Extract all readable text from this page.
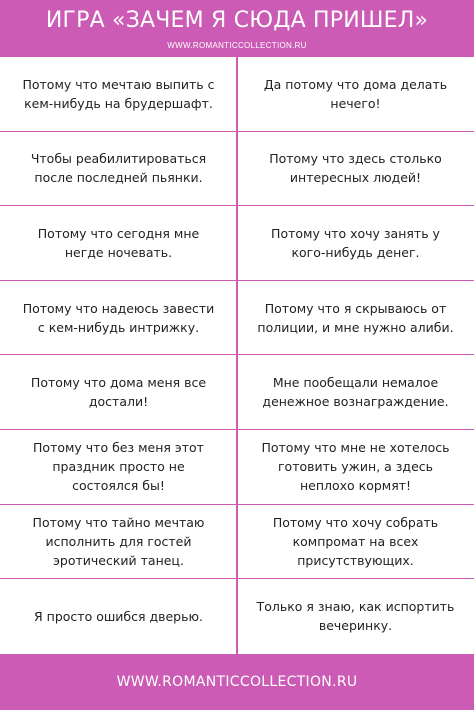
ИГРА «ЗАЧЕМ Я СЮДА ПРИШЕЛ»
WWW.ROMANTICCOLLECTION.RU
Потому что мечтаю выпить с кем-нибудь на брудершафт.
Да потому что дома делать нечего!
Чтобы реабилитироваться после последней пьянки.
Потому что здесь столько интересных людей!
Потому что сегодня мне негде ночевать.
Потому что хочу занять у кого-нибудь денег.
Потому что надеюсь завести с кем-нибудь интрижку.
Потому что я скрываюсь от полиции, и мне нужно алиби.
Потому что дома меня все достали!
Мне пообещали немалое денежное вознаграждение.
Потому что без меня этот праздник просто не состоялся бы!
Потому что мне не хотелось готовить ужин, а здесь неплохо кормят!
Потому что тайно мечтаю исполнить для гостей эротический танец.
Потому что хочу собрать компромат на всех присутствующих.
Я просто ошибся дверью.
Только я знаю, как испортить вечеринку.
WWW.ROMANTICCOLLECTION.RU
